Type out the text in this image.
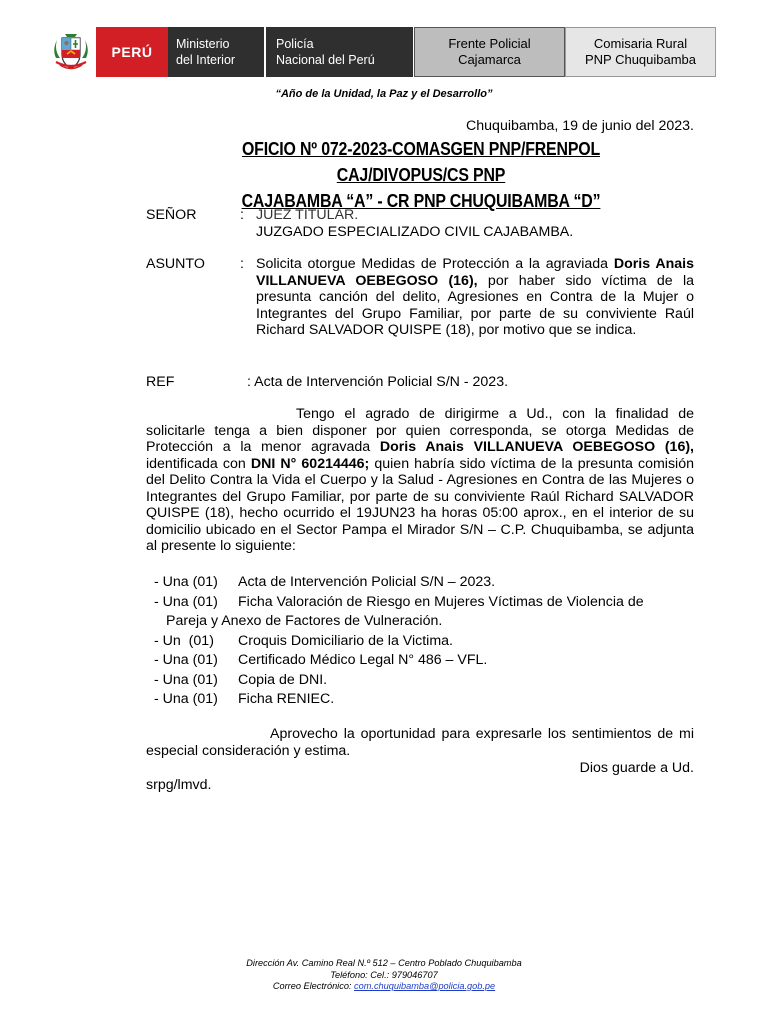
PERÚ Ministerio
del Interior
Policía
Nacional del Perú
Frente Policial
Cajamarca
Comisaria Rural
PNP Chuquibamba
“Año de la Unidad, la Paz y el Desarrollo”
Chuquibamba, 19 de junio del 2023.
OFICIO Nº 072-2023-COMASGEN PNP/FRENPOL CAJ/DIVOPUS/CS PNP
CAJABAMBA “A” - CR PNP CHUQUIBAMBA “D”
SEÑOR	: JUEZ TITULAR.
JUZGADO ESPECIALIZADO CIVIL CAJABAMBA.
ASUNTO : Solicita otorgue Medidas de Protección a la agraviada Doris Anais VILLANUEVA OEBEGOSO (16), por haber sido víctima de la presunta canción del delito, Agresiones en Contra de la Mujer o Integrantes del Grupo Familiar, por parte de su conviviente Raúl Richard SALVADOR QUISPE (18), por motivo que se indica.
REF	: Acta de Intervención Policial S/N - 2023.
Tengo el agrado de dirigirme a Ud., con la finalidad de solicitarle tenga a bien disponer por quien corresponda, se otorga Medidas de Protección a la menor agravada Doris Anais VILLANUEVA OEBEGOSO (16), identificada con DNI N° 60214446; quien habría sido víctima de la presunta comisión del Delito Contra la Vida el Cuerpo y la Salud - Agresiones en Contra de las Mujeres o Integrantes del Grupo Familiar, por parte de su conviviente Raúl Richard SALVADOR QUISPE (18), hecho ocurrido el 19JUN23 ha horas 05:00 aprox., en el interior de su domicilio ubicado en el Sector Pampa el Mirador S/N – C.P. Chuquibamba, se adjunta al presente lo siguiente:
- Una (01) Acta de Intervención Policial S/N – 2023.
- Una (01) Ficha Valoración de Riesgo en Mujeres Víctimas de Violencia de
Pareja y Anexo de Factores de Vulneración.
- Un  (01) Croquis Domiciliario de la Victima.
- Una (01) Certificado Médico Legal N° 486 – VFL.
- Una (01) Copia de DNI.
- Una (01) Ficha RENIEC.
Aprovecho la oportunidad para expresarle los sentimientos de mi especial consideración y estima.
Dios guarde a Ud.
srpg/lmvd.
Dirección Av. Camino Real N.º 512 – Centro Poblado Chuquibamba
Teléfono: Cel.: 979046707
Correo Electrónico: com.chuquibamba@policia.gob.pe
